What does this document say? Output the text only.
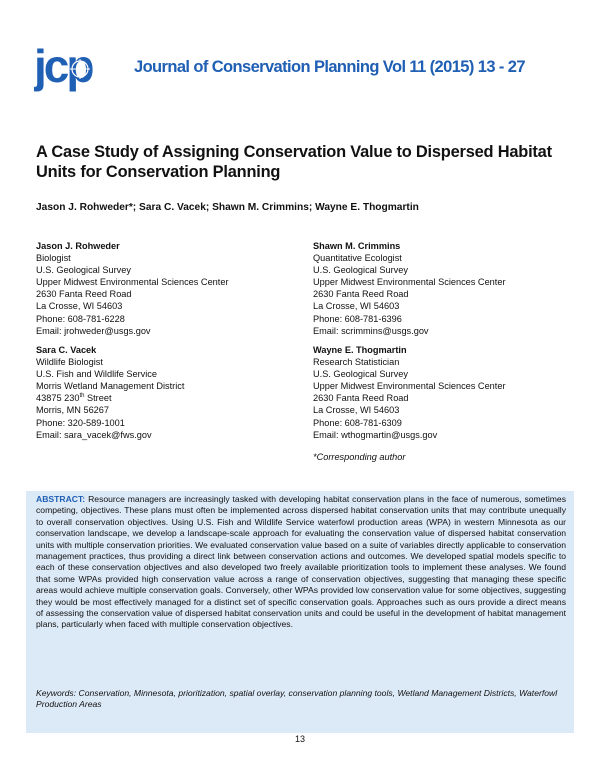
jcp	Journal of Conservation Planning Vol 11 (2015) 13 - 27
A Case Study of Assigning Conservation Value to Dispersed Habitat Units for Conservation Planning
Jason J. Rohweder*; Sara C. Vacek; Shawn M. Crimmins; Wayne E. Thogmartin
Jason J. Rohweder
Biologist
U.S. Geological Survey
Upper Midwest Environmental Sciences Center
2630 Fanta Reed Road
La Crosse, WI 54603
Phone: 608-781-6228
Email: jrohweder@usgs.gov
Shawn M. Crimmins
Quantitative Ecologist
U.S. Geological Survey
Upper Midwest Environmental Sciences Center
2630 Fanta Reed Road
La Crosse, WI 54603
Phone: 608-781-6396
Email: scrimmins@usgs.gov
Sara C. Vacek
Wildlife Biologist
U.S. Fish and Wildlife Service
Morris Wetland Management District
43875 230th Street
Morris, MN 56267
Phone: 320-589-1001
Email: sara_vacek@fws.gov
Wayne E. Thogmartin
Research Statistician
U.S. Geological Survey
Upper Midwest Environmental Sciences Center
2630 Fanta Reed Road
La Crosse, WI 54603
Phone: 608-781-6309
Email: wthogmartin@usgs.gov
*Corresponding author
ABSTRACT: Resource managers are increasingly tasked with developing habitat conservation plans in the face of numerous, sometimes competing, objectives. These plans must often be implemented across dispersed habitat conservation units that may contribute unequally to overall conservation objectives. Using U.S. Fish and Wildlife Service waterfowl production areas (WPA) in western Minnesota as our conservation landscape, we develop a landscape-scale approach for evaluating the conservation value of dispersed habitat conservation units with multiple conservation priorities. We evaluated conservation value based on a suite of variables directly applicable to conservation management practices, thus providing a direct link between conservation actions and outcomes. We developed spatial models specific to each of these conservation objectives and also developed two freely available prioritization tools to implement these analyses. We found that some WPAs provided high conservation value across a range of conservation objectives, suggesting that managing these specific areas would achieve multiple conservation goals. Conversely, other WPAs provided low conservation value for some objectives, suggesting they would be most effectively managed for a distinct set of specific conservation goals. Approaches such as ours provide a direct means of assessing the conservation value of dispersed habitat conservation units and could be useful in the development of habitat management plans, particularly when faced with multiple conservation objectives.
Keywords: Conservation, Minnesota, prioritization, spatial overlay, conservation planning tools, Wetland Management Districts, Waterfowl Production Areas
13
